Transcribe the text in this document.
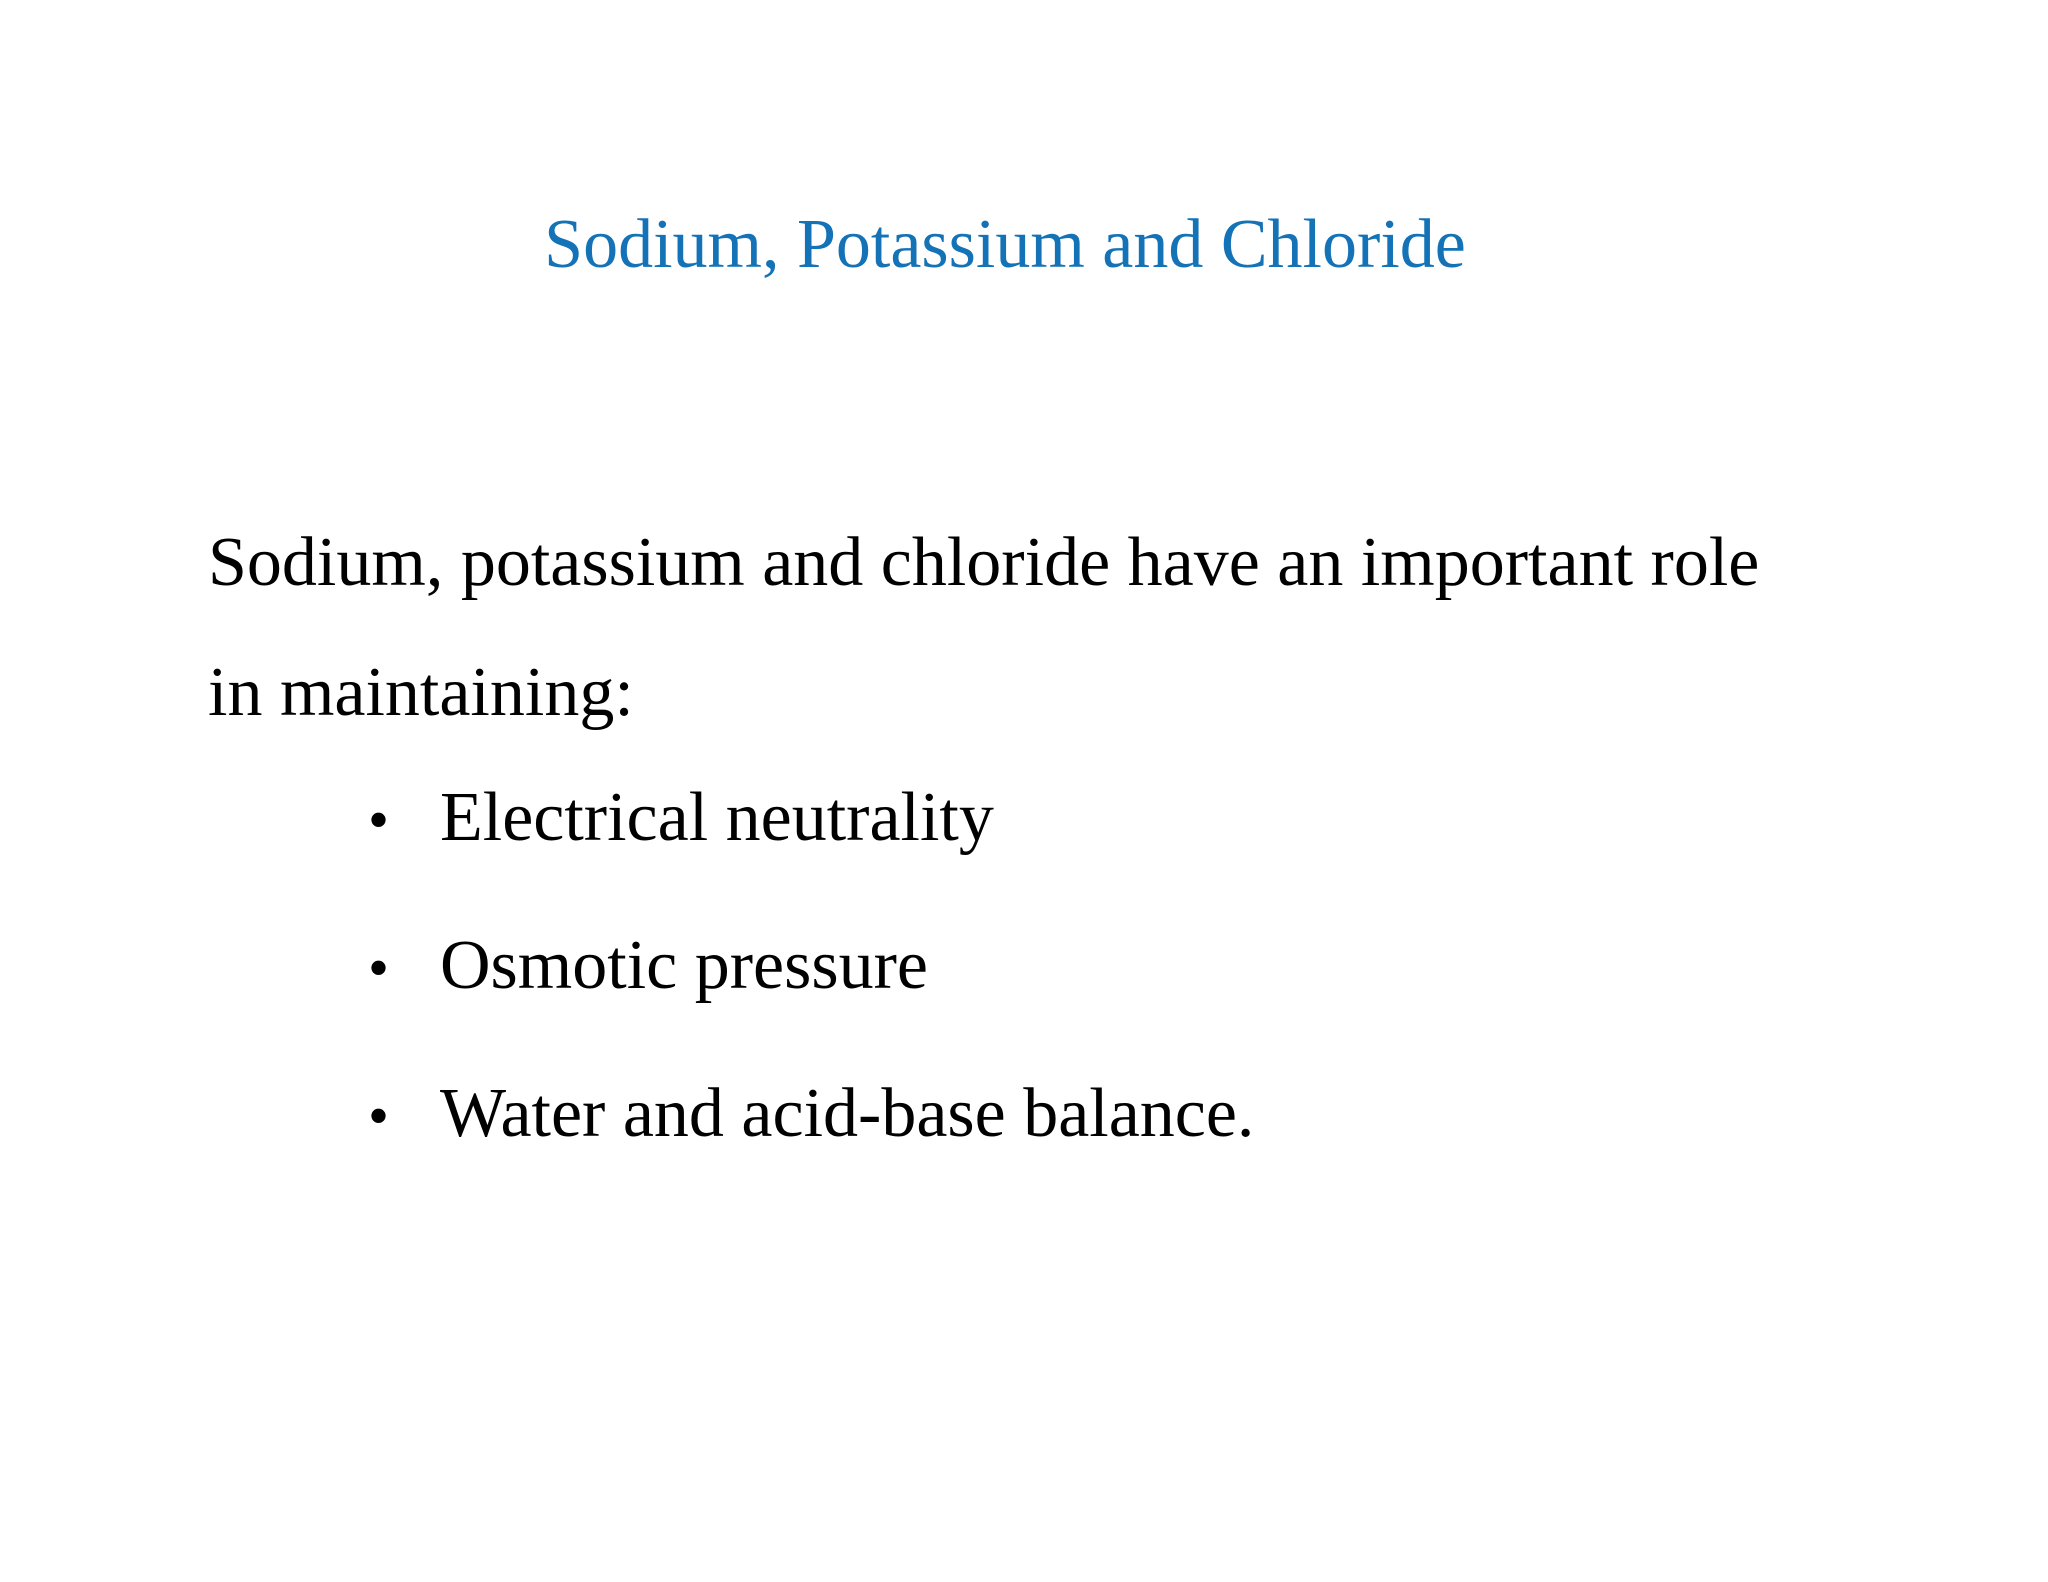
Sodium, Potassium and Chloride
Sodium, potassium and chloride have an important role
in maintaining:
• Electrical neutrality
• Osmotic pressure
• Water and acid-base balance.
